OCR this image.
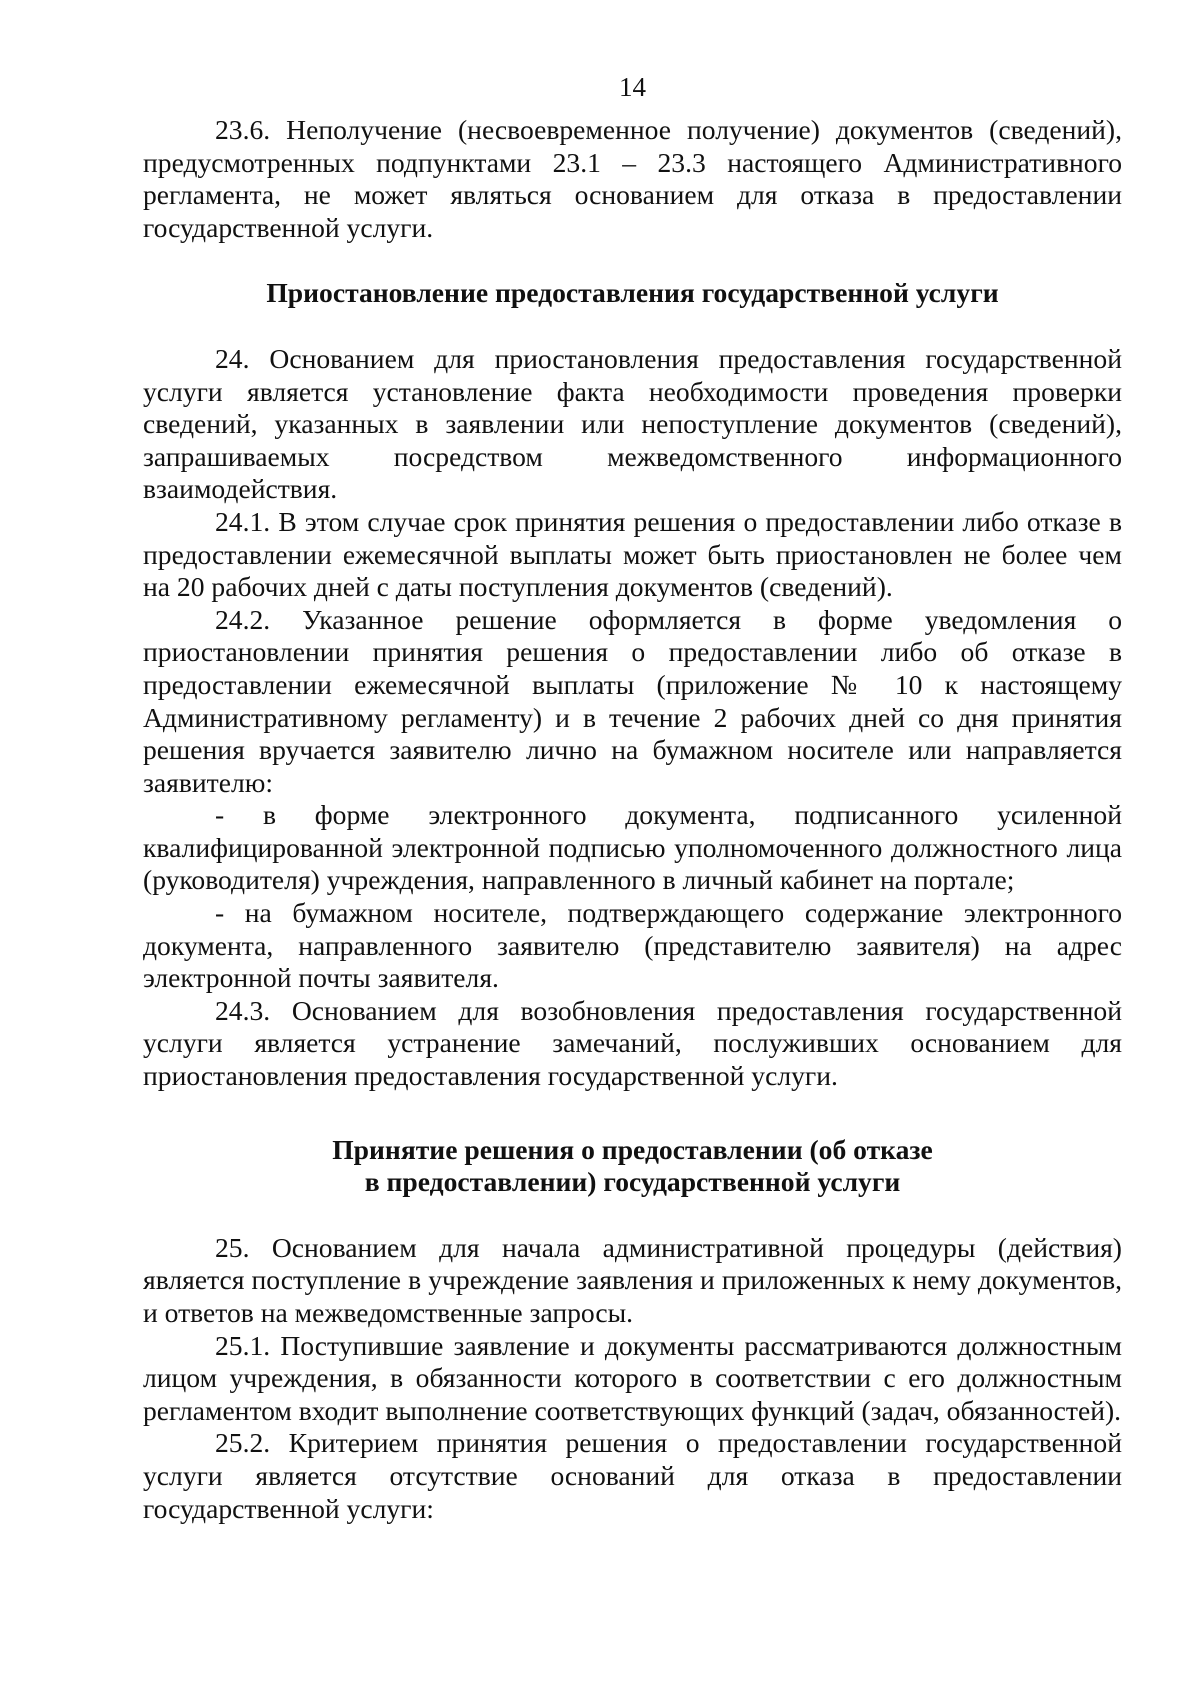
14

23.6. Неполучение (несвоевременное получение) документов (сведений), предусмотренных подпунктами 23.1 – 23.3 настоящего Административного регламента, не может являться основанием для отказа в предоставлении государственной услуги.

Приостановление предоставления государственной услуги

24. Основанием для приостановления предоставления государственной услуги является установление факта необходимости проведения проверки сведений, указанных в заявлении или непоступление документов (сведений), запрашиваемых посредством межведомственного информационного взаимодействия.

24.1. В этом случае срок принятия решения о предоставлении либо отказе в предоставлении ежемесячной выплаты может быть приостановлен не более чем на 20 рабочих дней с даты поступления документов (сведений).

24.2. Указанное решение оформляется в форме уведомления о приостановлении принятия решения о предоставлении либо об отказе в предоставлении ежемесячной выплаты (приложение № 10 к настоящему Административному регламенту) и в течение 2 рабочих дней со дня принятия решения вручается заявителю лично на бумажном носителе или направляется заявителю:

- в форме электронного документа, подписанного усиленной квалифицированной электронной подписью уполномоченного должностного лица (руководителя) учреждения, направленного в личный кабинет на портале;

- на бумажном носителе, подтверждающего содержание электронного документа, направленного заявителю (представителю заявителя) на адрес электронной почты заявителя.

24.3. Основанием для возобновления предоставления государственной услуги является устранение замечаний, послуживших основанием для приостановления предоставления государственной услуги.

Принятие решения о предоставлении (об отказе
в предоставлении) государственной услуги

25. Основанием для начала административной процедуры (действия) является поступление в учреждение заявления и приложенных к нему документов, и ответов на межведомственные запросы.

25.1. Поступившие заявление и документы рассматриваются должностным лицом учреждения, в обязанности которого в соответствии с его должностным регламентом входит выполнение соответствующих функций (задач, обязанностей).

25.2. Критерием принятия решения о предоставлении государственной услуги является отсутствие оснований для отказа в предоставлении государственной услуги:
